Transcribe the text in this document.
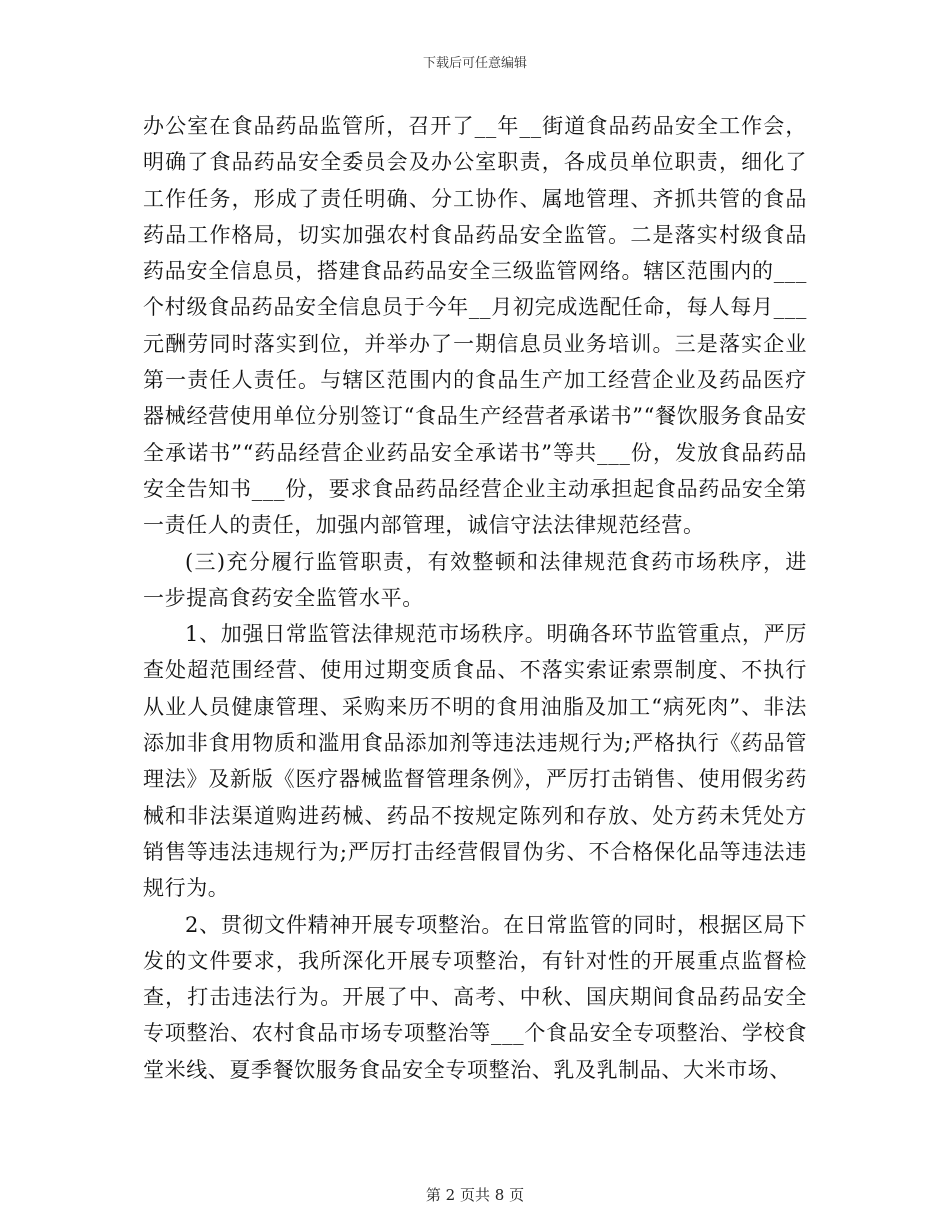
下载后可任意编辑

办公室在食品药品监管所，召开了__年__街道食品药品安全工作会，明确了食品药品安全委员会及办公室职责，各成员单位职责，细化了工作任务，形成了责任明确、分工协作、属地管理、齐抓共管的食品药品工作格局，切实加强农村食品药品安全监管。二是落实村级食品药品安全信息员，搭建食品药品安全三级监管网络。辖区范围内的___个村级食品药品安全信息员于今年__月初完成选配任命，每人每月___元酬劳同时落实到位，并举办了一期信息员业务培训。三是落实企业第一责任人责任。与辖区范围内的食品生产加工经营企业及药品医疗器械经营使用单位分别签订“食品生产经营者承诺书”“餐饮服务食品安全承诺书”“药品经营企业药品安全承诺书”等共___份，发放食品药品安全告知书___份，要求食品药品经营企业主动承担起食品药品安全第一责任人的责任，加强内部管理，诚信守法法律规范经营。

(三)充分履行监管职责，有效整顿和法律规范食药市场秩序，进一步提高食药安全监管水平。

1、加强日常监管法律规范市场秩序。明确各环节监管重点，严厉查处超范围经营、使用过期变质食品、不落实索证索票制度、不执行从业人员健康管理、采购来历不明的食用油脂及加工“病死肉”、非法添加非食用物质和滥用食品添加剂等违法违规行为;严格执行《药品管理法》及新版《医疗器械监督管理条例》，严厉打击销售、使用假劣药械和非法渠道购进药械、药品不按规定陈列和存放、处方药未凭处方销售等违法违规行为;严厉打击经营假冒伪劣、不合格保化品等违法违规行为。

2、贯彻文件精神开展专项整治。在日常监管的同时，根据区局下发的文件要求，我所深化开展专项整治，有针对性的开展重点监督检查，打击违法行为。开展了中、高考、中秋、国庆期间食品药品安全专项整治、农村食品市场专项整治等___个食品安全专项整治、学校食堂米线、夏季餐饮服务食品安全专项整治、乳及乳制品、大米市场、

第 2 页共 8 页
